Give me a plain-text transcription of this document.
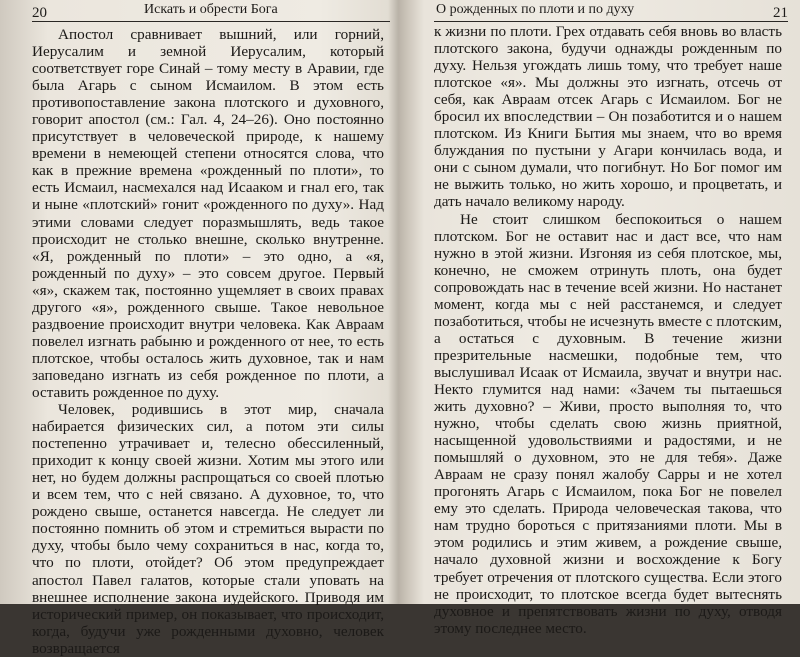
20	Искать и обрести Бога

Апостол сравнивает вышний, или горний, Иерусалим и земной Иерусалим, который соответствует горе Синай – тому месту в Аравии, где была Агарь с сыном Исмаилом. В этом есть противопоставление закона плотского и духовного, говорит апостол (см.: Гал. 4, 24–26). Оно постоянно присутствует в человеческой природе, к нашему времени в немеющей степени относятся слова, что как в прежние времена «рожденный по плоти», то есть Исмаил, насмехался над Исааком и гнал его, так и ныне «плотский» гонит «рожденного по духу». Над этими словами следует поразмышлять, ведь такое происходит не столько внешне, сколько внутренне. «Я, рожденный по плоти» – это одно, а «я, рожденный по духу» – это совсем другое. Первый «я», скажем так, постоянно ущемляет в своих правах другого «я», рожденного свыше. Такое невольное раздвоение происходит внутри человека. Как Авраам повелел изгнать рабыню и рожденного от нее, то есть плотское, чтобы осталось жить духовное, так и нам заповедано изгнать из себя рожденное по плоти, а оставить рожденное по духу.

Человек, родившись в этот мир, сначала набирается физических сил, а потом эти силы постепенно утрачивает и, телесно обессиленный, приходит к концу своей жизни. Хотим мы этого или нет, но будем должны распрощаться со своей плотью и всем тем, что с ней связано. А духовное, то, что рождено свыше, останется навсегда. Не следует ли постоянно помнить об этом и стремиться вырасти по духу, чтобы было чему сохраниться в нас, когда то, что по плоти, отойдет? Об этом предупреждает апостол Павел галатов, которые стали уповать на внешнее исполнение закона иудейского. Приводя им исторический пример, он показывает, что происходит, когда, будучи уже рожденными духовно, человек возвращается

О рожденных по плоти и по духу	21

к жизни по плоти. Грех отдавать себя вновь во власть плотского закона, будучи однажды рожденным по духу. Нельзя угождать лишь тому, что требует наше плотское «я». Мы должны это изгнать, отсечь от себя, как Авраам отсек Агарь с Исмаилом. Бог не бросил их впоследствии – Он позаботится и о нашем плотском. Из Книги Бытия мы знаем, что во время блуждания по пустыни у Агари кончилась вода, и они с сыном думали, что погибнут. Но Бог помог им не выжить только, но жить хорошо, и процветать, и дать начало великому народу.

Не стоит слишком беспокоиться о нашем плотском. Бог не оставит нас и даст все, что нам нужно в этой жизни. Изгоняя из себя плотское, мы, конечно, не сможем отринуть плоть, она будет сопровождать нас в течение всей жизни. Но настанет момент, когда мы с ней расстанемся, и следует позаботиться, чтобы не исчезнуть вместе с плотским, а остаться с духовным. В течение жизни презрительные насмешки, подобные тем, что выслушивал Исаак от Исмаила, звучат и внутри нас. Некто глумится над нами: «Зачем ты пытаешься жить духовно? – Живи, просто выполняя то, что нужно, чтобы сделать свою жизнь приятной, насыщенной удовольствиями и радостями, и не помышляй о духовном, это не для тебя». Даже Авраам не сразу понял жалобу Сарры и не хотел прогонять Агарь с Исмаилом, пока Бог не повелел ему это сделать. Природа человеческая такова, что нам трудно бороться с притязаниями плоти. Мы в этом родились и этим живем, а рождение свыше, начало духовной жизни и восхождение к Богу требует отречения от плотского существа. Если этого не происходит, то плотское всегда будет вытеснять духовное и препятствовать жизни по духу, отводя этому последнее место.
